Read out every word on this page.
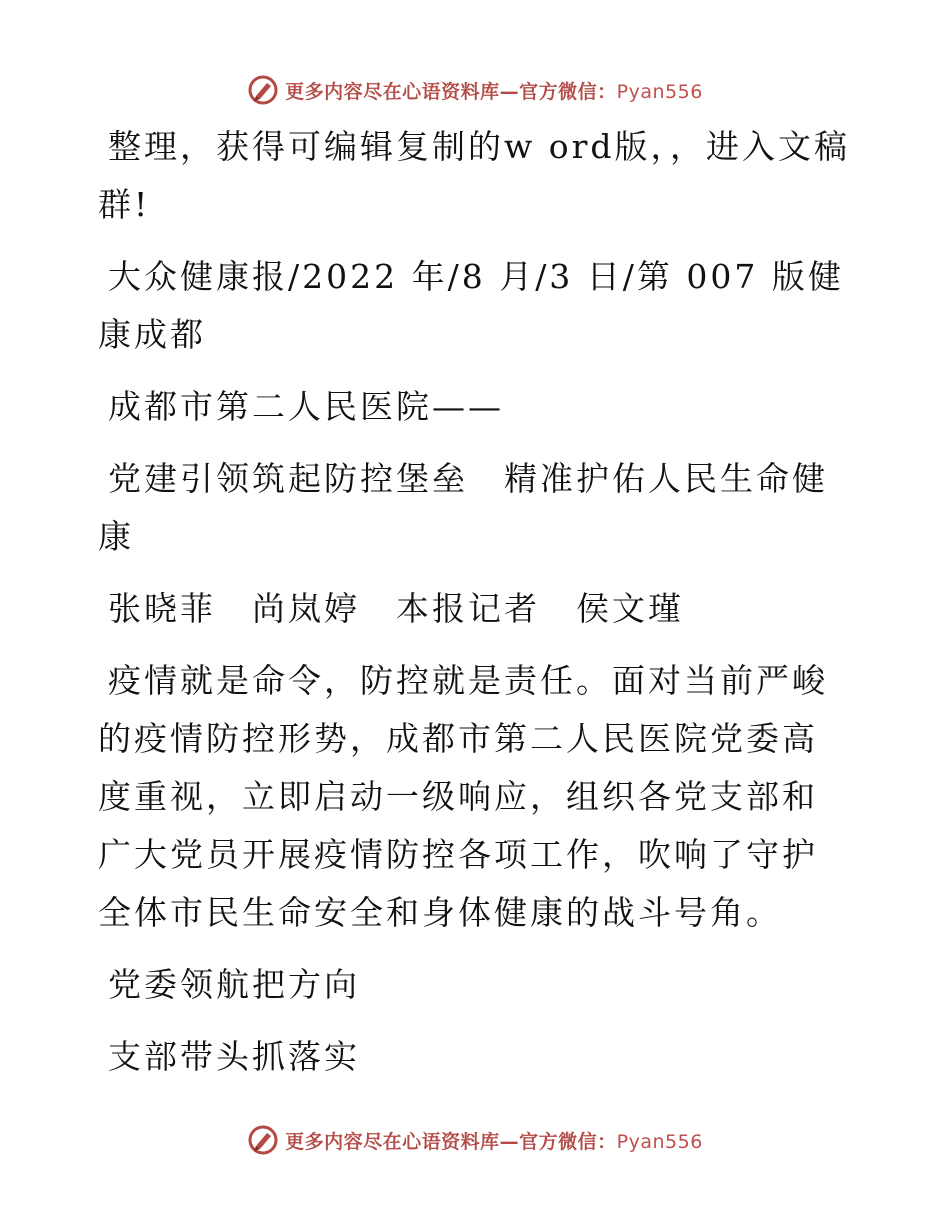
更多内容尽在心语资料库—官方微信：Pyan556

整理，获得可编辑复制的w ord版，，进入文稿群!

大众健康报/2022 年/8 月/3 日/第 007 版健康成都

成都市第二人民医院——

党建引领筑起防控堡垒　精准护佑人民生命健康

张晓菲　尚岚婷　本报记者　侯文瑾

疫情就是命令，防控就是责任。面对当前严峻的疫情防控形势，成都市第二人民医院党委高度重视，立即启动一级响应，组织各党支部和广大党员开展疫情防控各项工作，吹响了守护全体市民生命安全和身体健康的战斗号角。

党委领航把方向

支部带头抓落实

更多内容尽在心语资料库—官方微信：Pyan556
